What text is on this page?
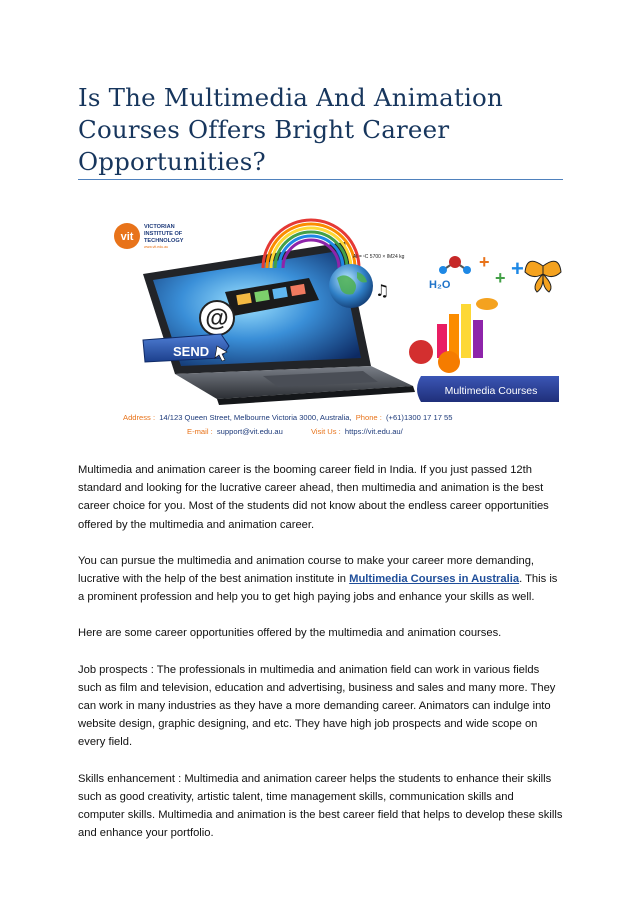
Is The Multimedia And Animation Courses Offers Bright Career Opportunities?
vit
VICTORIAN
INSTITUTE OF
TECHNOLOGY
www.vit.edu.au
@
SEND
♫
Al = ¹C 5700 × IM24 kg
H₂O
+
+ +
Multimedia Courses
Address : 14/123 Queen Street, Melbourne Victoria 3000, Australia, Phone : (+61)1300 17 17 55
E-mail : support@vit.edu.au	Visit Us : https://vit.edu.au/

Multimedia and animation career is the booming career field in India. If you just passed 12th standard and looking for the lucrative career ahead, then multimedia and animation is the best career choice for you. Most of the students did not know about the endless career opportunities offered by the multimedia and animation career.

You can pursue the multimedia and animation course to make your career more demanding, lucrative with the help of the best animation institute in Multimedia Courses in Australia. This is a prominent profession and help you to get high paying jobs and enhance your skills as well.

Here are some career opportunities offered by the multimedia and animation courses.

Job prospects : The professionals in multimedia and animation field can work in various fields such as film and television, education and advertising, business and sales and many more. They can work in many industries as they have a more demanding career. Animators can indulge into website design, graphic designing, and etc. They have high job prospects and wide scope on every field.

Skills enhancement : Multimedia and animation career helps the students to enhance their skills such as good creativity, artistic talent, time management skills, communication skills and computer skills. Multimedia and animation is the best career field that helps to develop these skills and enhance your portfolio.
